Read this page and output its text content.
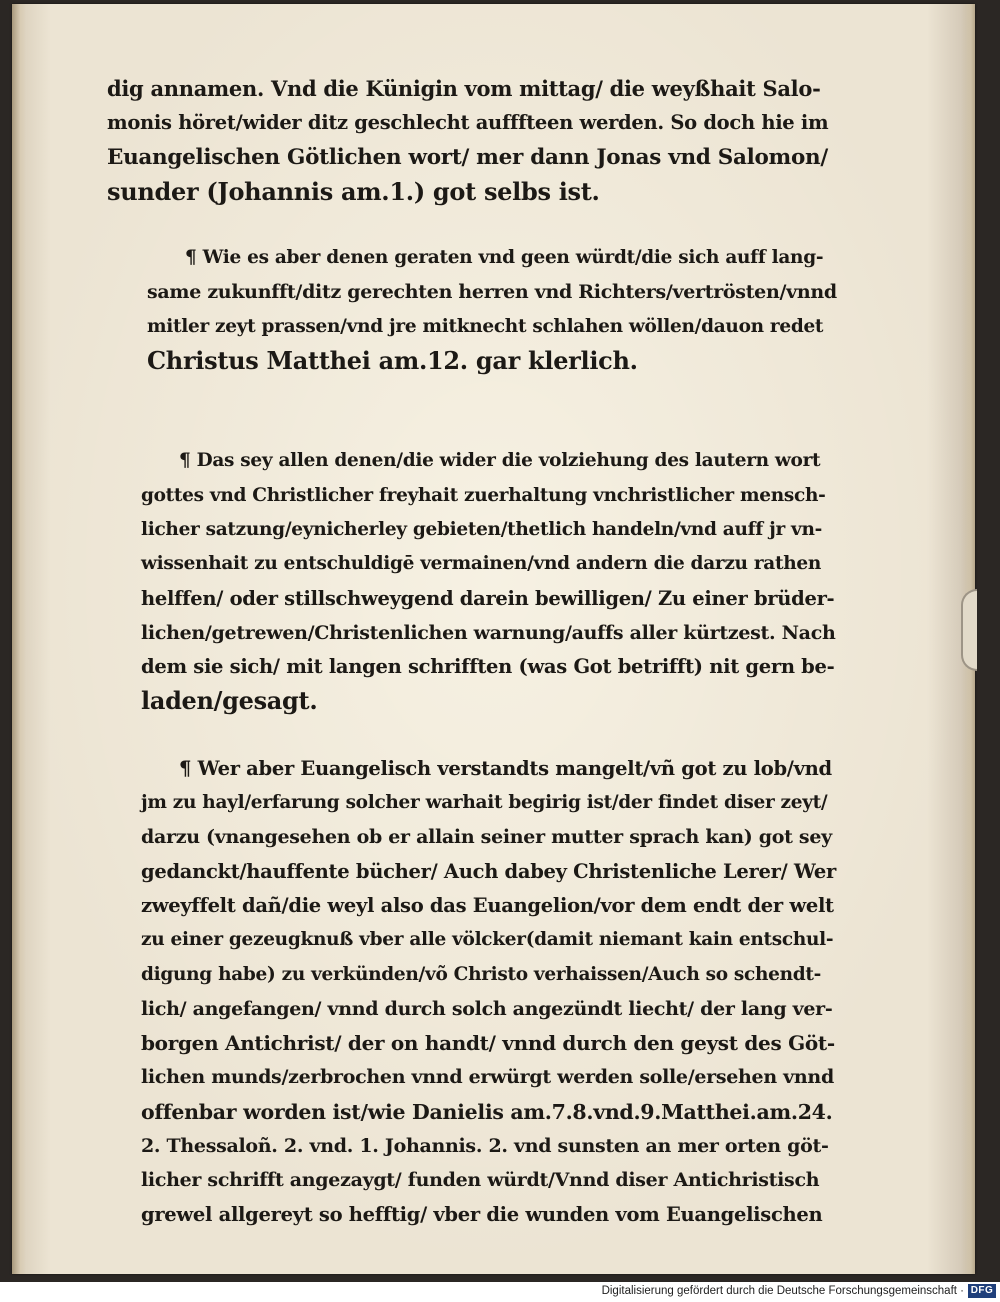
dig annamen. Vnd die Künigin vom mittag/ die weyßhait Salo-
monis höret/wider ditz geschlecht aufffteen werden. So doch hie im
Euangelischen Götlichen wort/ mer dann Jonas vnd Salomon/
sunder (Johannis am.1.) got selbs ist.

¶ Wie es aber denen geraten vnd geen würdt/die sich auff lang-
same zukunfft/ditz gerechten herren vnd Richters/vertrösten/vnnd
mitler zeyt prassen/vnd jre mitknecht schlahen wöllen/dauon redet
Christus Matthei am.12. gar klerlich.

¶ Das sey allen denen/die wider die volziehung des lautern wort
gottes vnd Christlicher freyhait zuerhaltung vnchristlicher mensch-
licher satzung/eynicherley gebieten/thetlich handeln/vnd auff jr vn-
wissenhait zu entschuldigē vermainen/vnd andern die darzu rathen
helffen/ oder stillschweygend darein bewilligen/ Zu einer brüder-
lichen/getrewen/Christenlichen warnung/auffs aller kürtzest. Nach
dem sie sich/ mit langen schrifften (was Got betrifft) nit gern be-
laden/gesagt.

¶ Wer aber Euangelisch verstandts mangelt/vñ got zu lob/vnd
jm zu hayl/erfarung solcher warhait begirig ist/der findet diser zeyt/
darzu (vnangesehen ob er allain seiner mutter sprach kan) got sey
gedanckt/hauffente bücher/ Auch dabey Christenliche Lerer/ Wer
zweyffelt dañ/die weyl also das Euangelion/vor dem endt der welt
zu einer gezeugknuß vber alle völcker(damit niemant kain entschul-
digung habe) zu verkünden/võ Christo verhaissen/Auch so schendt-
lich/ angefangen/ vnnd durch solch angezündt liecht/ der lang ver-
borgen Antichrist/ der on handt/ vnnd durch den geyst des Göt-
lichen munds/zerbrochen vnnd erwürgt werden solle/ersehen vnnd
offenbar worden ist/wie Danielis am.7.8.vnd.9.Matthei.am.24.
2. Thessaloñ. 2. vnd. 1. Johannis. 2. vnd sunsten an mer orten göt-
licher schrifft angezaygt/ funden würdt/Vnnd diser Antichristisch
grewel allgereyt so hefftig/ vber die wunden vom Euangelischen

Digitalisierung gefördert durch die Deutsche Forschungsgemeinschaft · DFG
